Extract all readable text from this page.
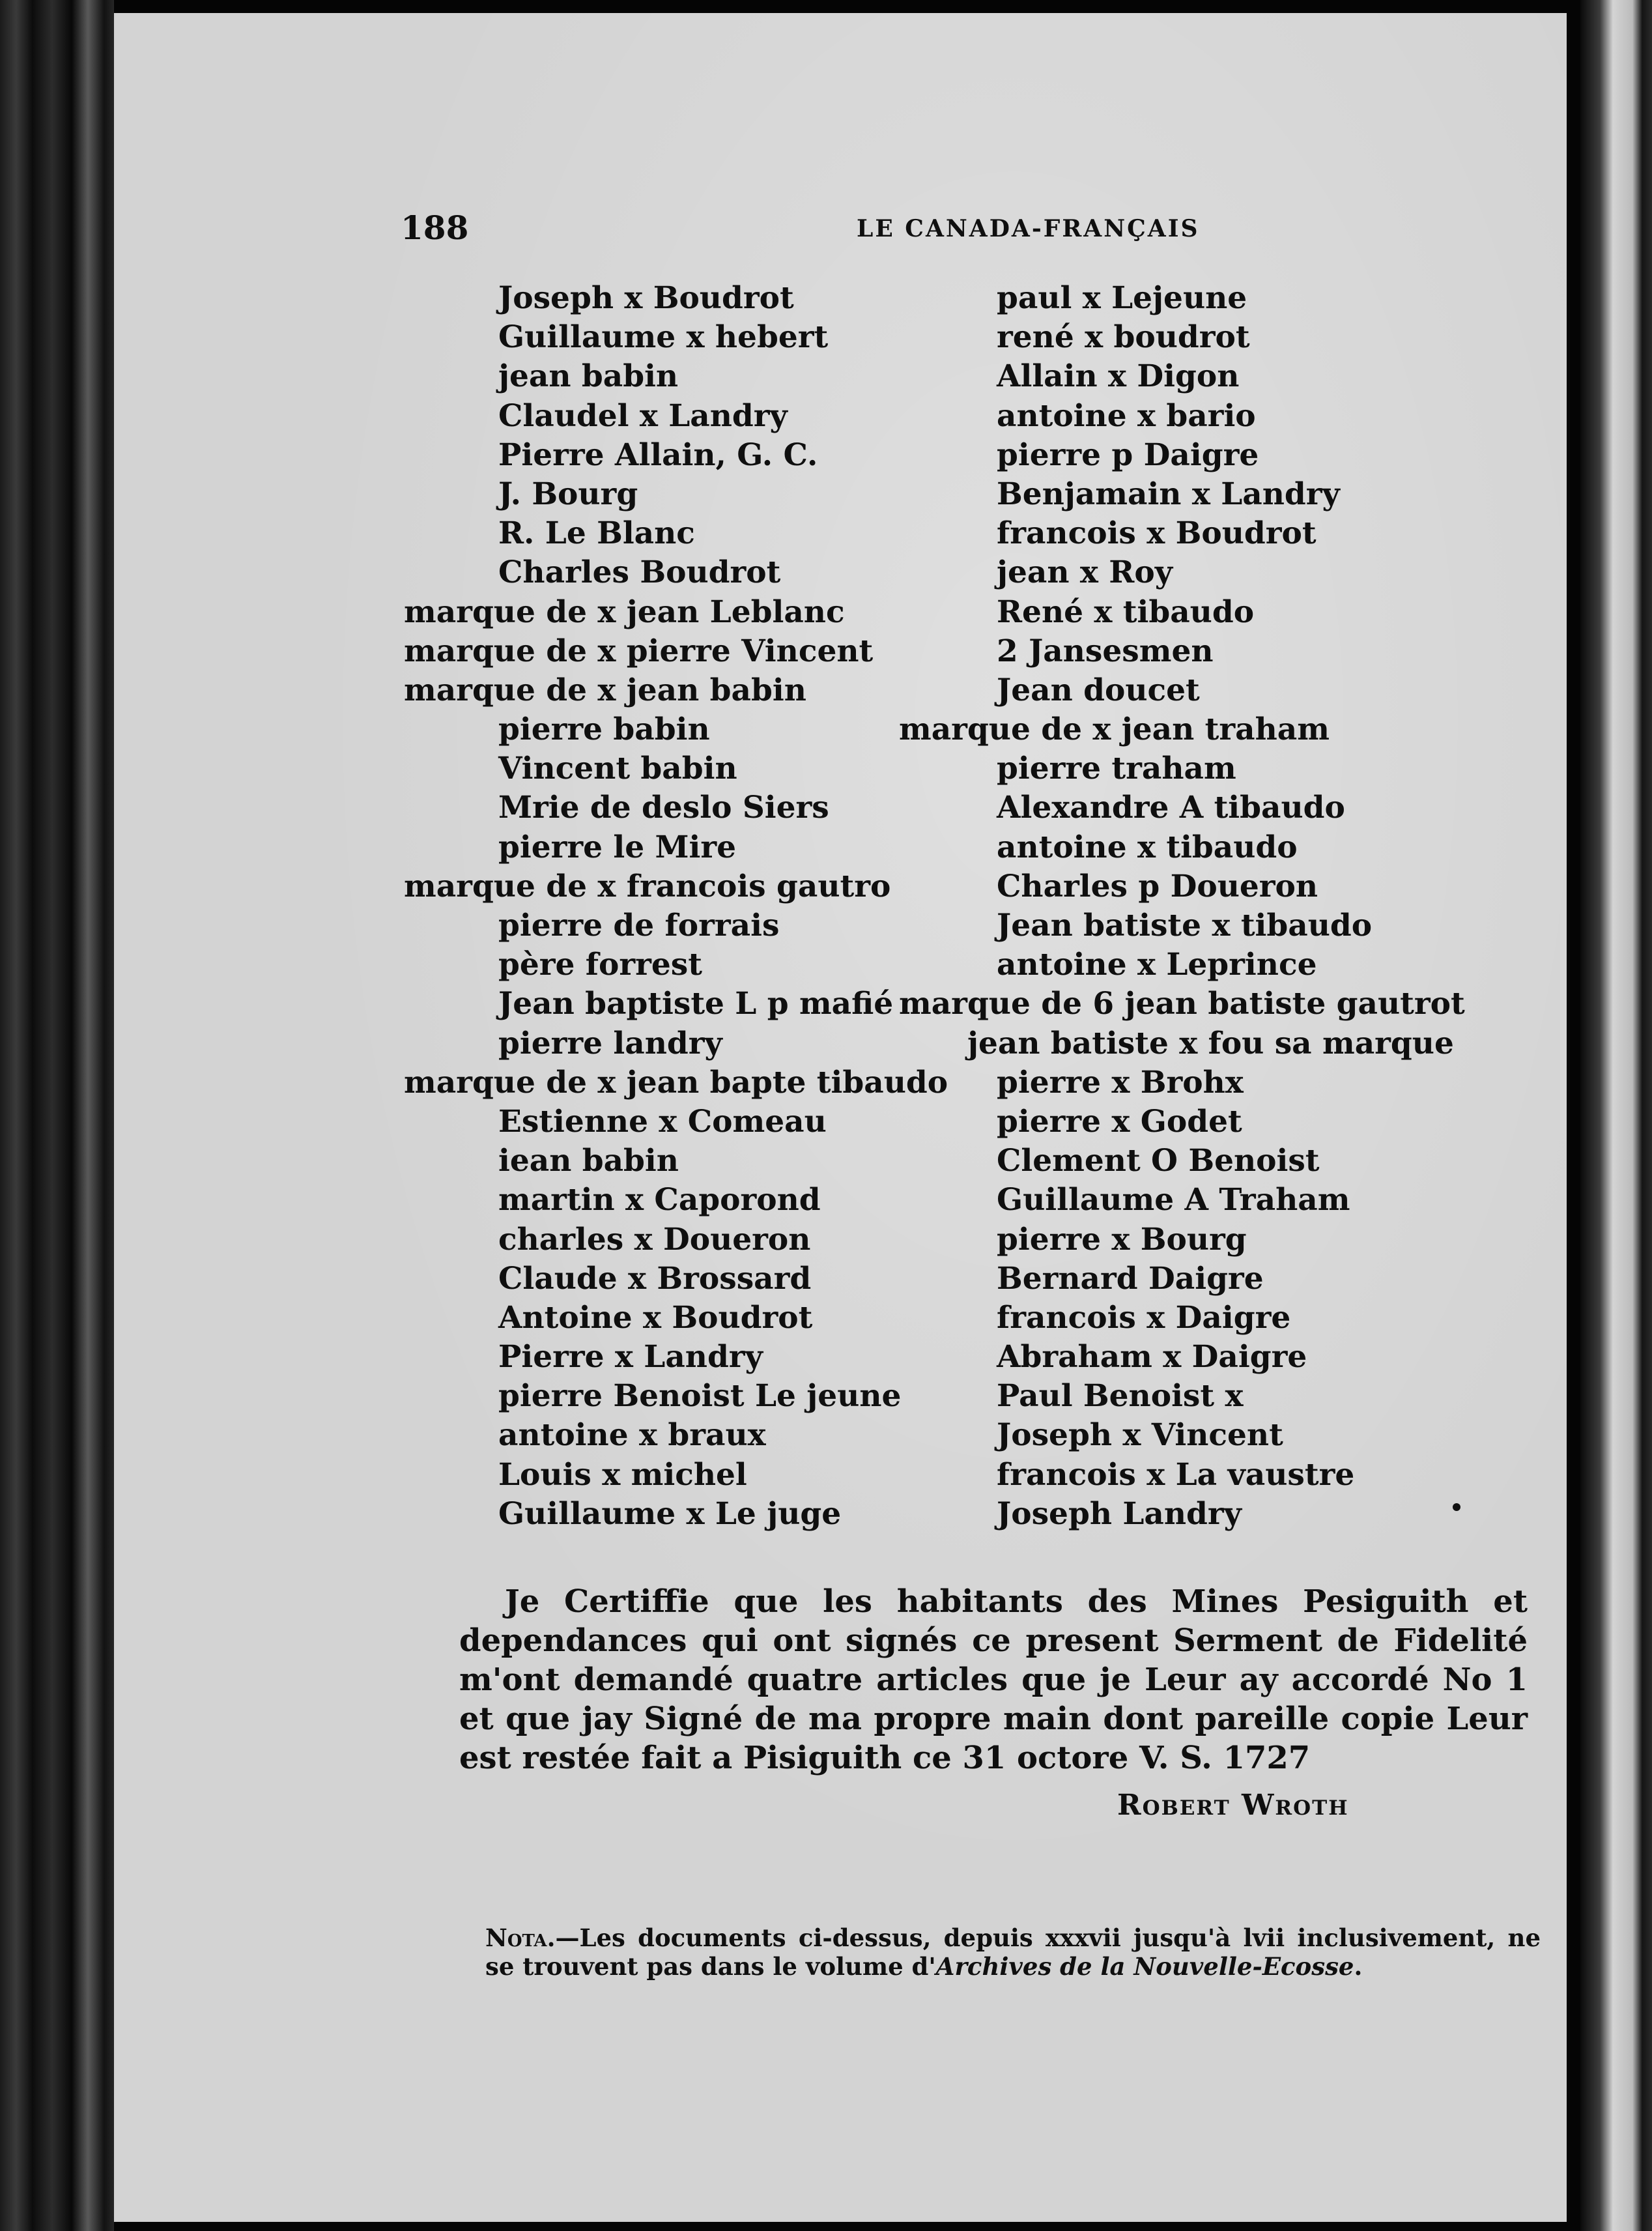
188	LE CANADA-FRANÇAIS
Joseph x Boudrot
Guillaume x hebert
jean babin
Claudel x Landry
Pierre Allain, G. C.
J. Bourg
R. Le Blanc
Charles Boudrot
marque de x jean Leblanc
marque de x pierre Vincent
marque de x jean babin
pierre babin
Vincent babin
Mrie de deslo Siers
pierre le Mire
marque de x francois gautro
pierre de forrais
père forrest
Jean baptiste L p mafié
pierre landry
marque de x jean bapte tibaudo
Estienne x Comeau
iean babin
martin x Caporond
charles x Doueron
Claude x Brossard
Antoine x Boudrot
Pierre x Landry
pierre Benoist Le jeune
antoine x braux
Louis x michel
Guillaume x Le juge
paul x Lejeune
rené x boudrot
Allain x Digon
antoine x bario
pierre p Daigre
Benjamain x Landry
francois x Boudrot
jean x Roy
René x tibaudo
2 Jansesmen
Jean doucet
marque de x jean traham
pierre traham
Alexandre A tibaudo
antoine x tibaudo
Charles p Doueron
Jean batiste x tibaudo
antoine x Leprince
marque de 6 jean batiste gautrot
jean batiste x fou sa marque
pierre x Brohx
pierre x Godet
Clement O Benoist
Guillaume A Traham
pierre x Bourg
Bernard Daigre
francois x Daigre
Abraham x Daigre
Paul Benoist x
Joseph x Vincent
francois x La vaustre
Joseph Landry

Je Certiffie que les habitants des Mines Pesiguith et dependances qui ont signés ce present Serment de Fidelité m'ont demandé quatre articles que je Leur ay accordé No 1 et que jay Signé de ma propre main dont pareille copie Leur est restée fait a Pisiguith ce 31 octore V. S. 1727

Robert Wroth

Nota.—Les documents ci-dessus, depuis xxxvii jusqu'à lvii inclusivement, ne se trouvent pas dans le volume d'Archives de la Nouvelle-Ecosse.
